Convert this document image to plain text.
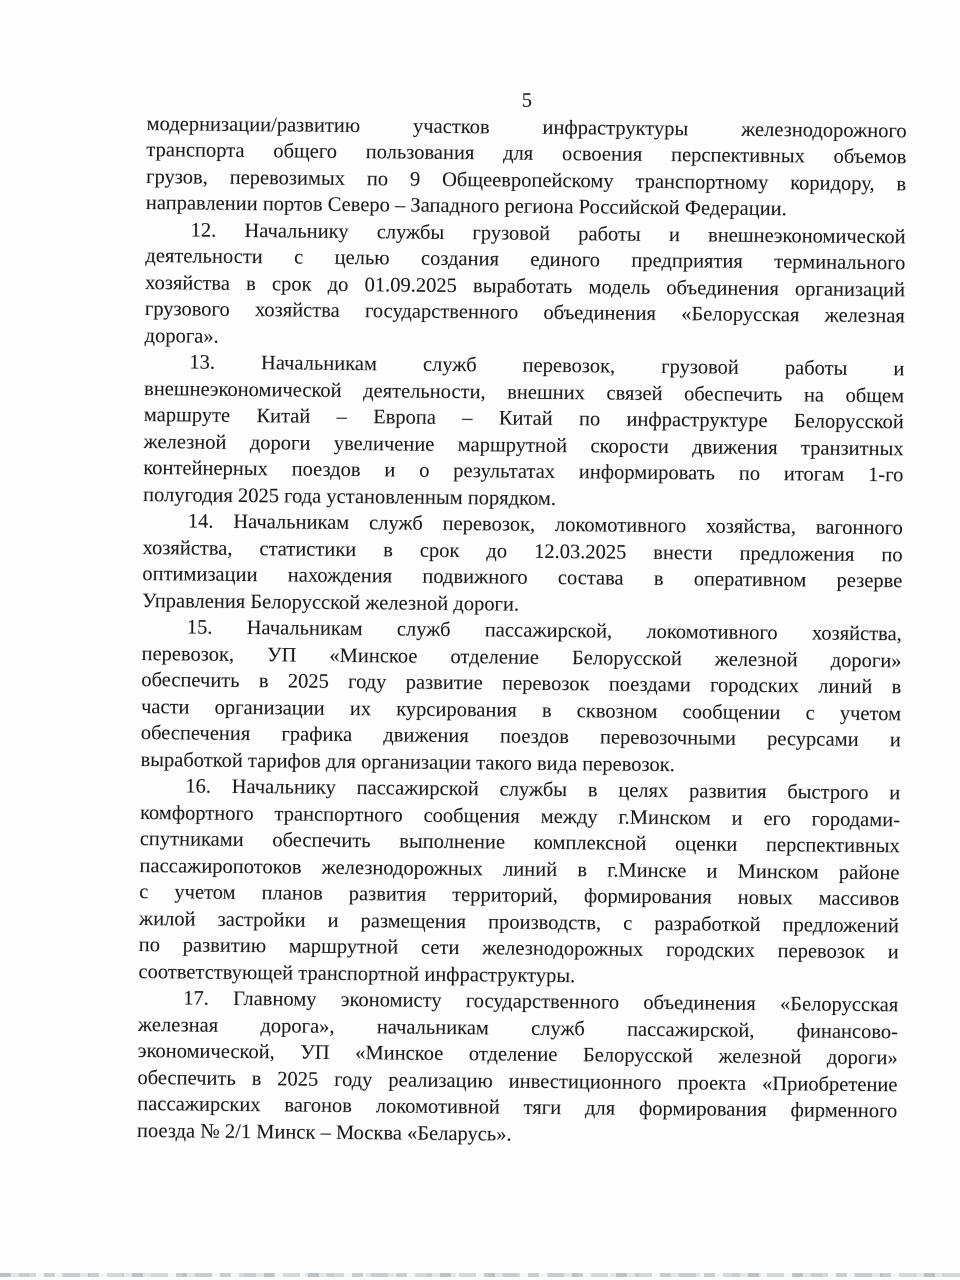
5

модернизации/развитию участков инфраструктуры железнодорожного
транспорта общего пользования для освоения перспективных объемов
грузов, перевозимых по 9 Общеевропейскому транспортному коридору, в
направлении портов Северо – Западного региона Российской Федерации.

12. Начальнику службы грузовой работы и внешнеэкономической
деятельности с целью создания единого предприятия терминального
хозяйства в срок до 01.09.2025 выработать модель объединения организаций
грузового хозяйства государственного объединения «Белорусская железная
дорога».

13. Начальникам служб перевозок, грузовой работы и
внешнеэкономической деятельности, внешних связей обеспечить на общем
маршруте Китай – Европа – Китай по инфраструктуре Белорусской
железной дороги увеличение маршрутной скорости движения транзитных
контейнерных поездов и о результатах информировать по итогам 1-го
полугодия 2025 года установленным порядком.

14. Начальникам служб перевозок, локомотивного хозяйства, вагонного
хозяйства, статистики в срок до 12.03.2025 внести предложения по
оптимизации нахождения подвижного состава в оперативном резерве
Управления Белорусской железной дороги.

15. Начальникам служб пассажирской, локомотивного хозяйства,
перевозок, УП «Минское отделение Белорусской железной дороги»
обеспечить в 2025 году развитие перевозок поездами городских линий в
части организации их курсирования в сквозном сообщении с учетом
обеспечения графика движения поездов перевозочными ресурсами и
выработкой тарифов для организации такого вида перевозок.

16. Начальнику пассажирской службы в целях развития быстрого и
комфортного транспортного сообщения между г.Минском и его городами-
спутниками обеспечить выполнение комплексной оценки перспективных
пассажиропотоков железнодорожных линий в г.Минске и Минском районе
с учетом планов развития территорий, формирования новых массивов
жилой застройки и размещения производств, с разработкой предложений
по развитию маршрутной сети железнодорожных городских перевозок и
соответствующей транспортной инфраструктуры.

17. Главному экономисту государственного объединения «Белорусская
железная дорога», начальникам служб пассажирской, финансово-
экономической, УП «Минское отделение Белорусской железной дороги»
обеспечить в 2025 году реализацию инвестиционного проекта «Приобретение
пассажирских вагонов локомотивной тяги для формирования фирменного
поезда № 2/1 Минск – Москва «Беларусь».
